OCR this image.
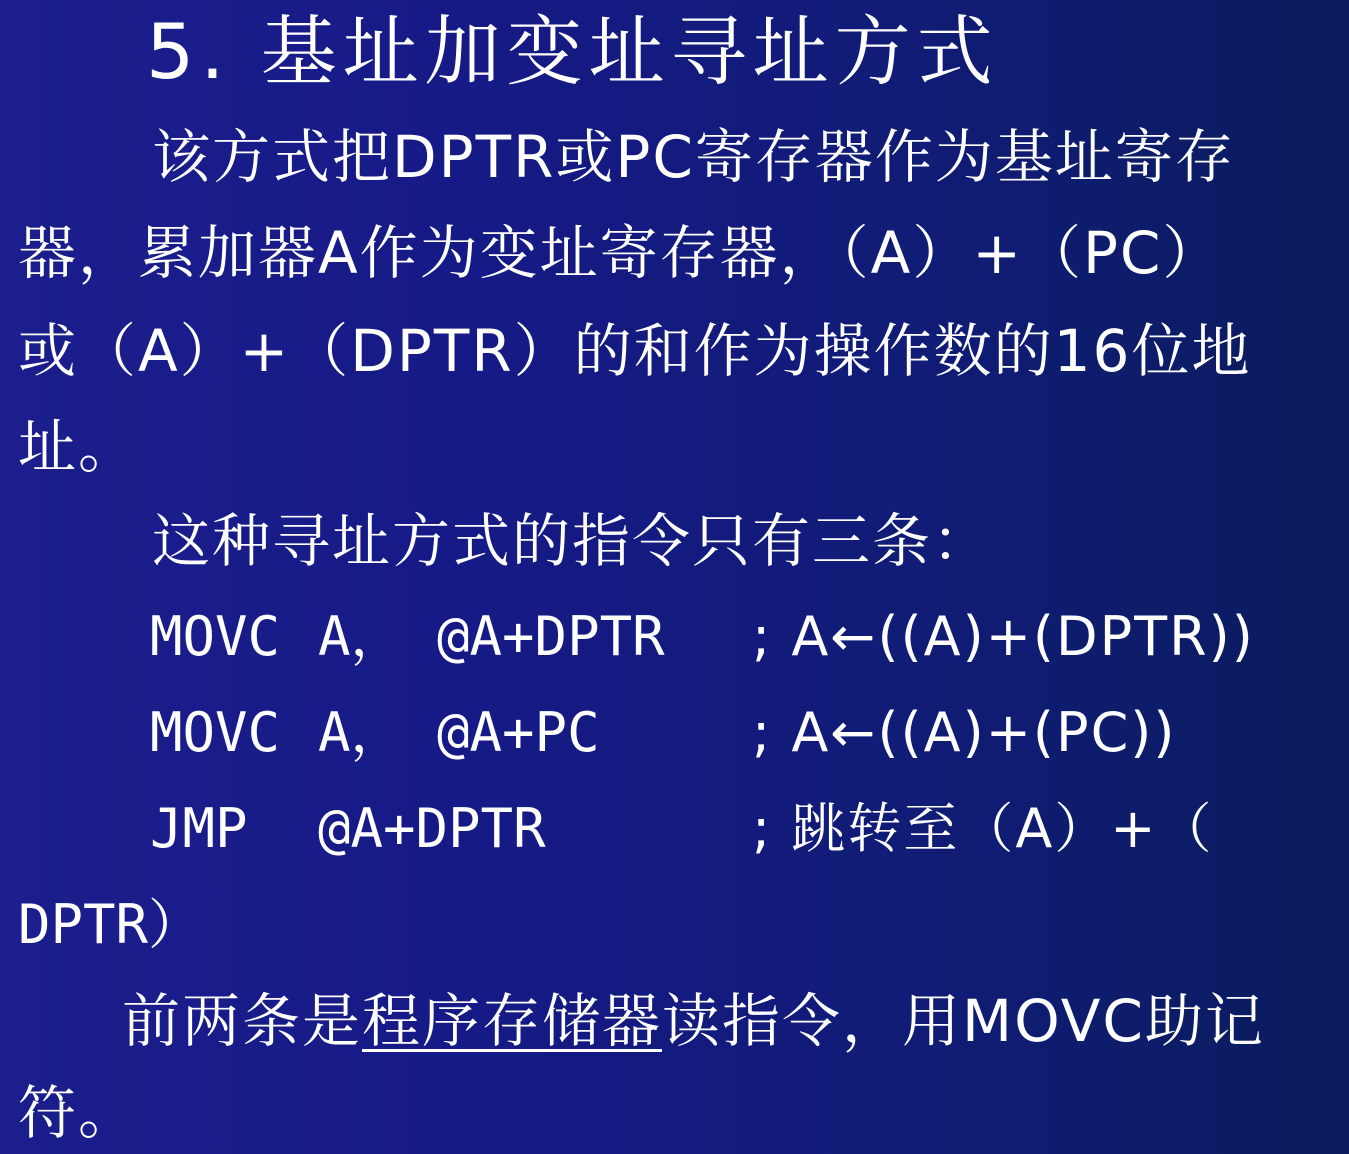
5. 基址加变址寻址方式
该方式把DPTR或PC寄存器作为基址寄存
器，累加器A作为变址寄存器，（A）+（PC）
或（A）+（DPTR）的和作为操作数的16位地
址。
这种寻址方式的指令只有三条：
MOVC A， @A+DPTR ; A←((A)+(DPTR))
MOVC A， @A+PC	; A←((A)+(PC))
JMP @A+DPTR	; 跳转至（A）+（
DPTR）
前两条是程序存储器读指令，用MOVC助记
符。
